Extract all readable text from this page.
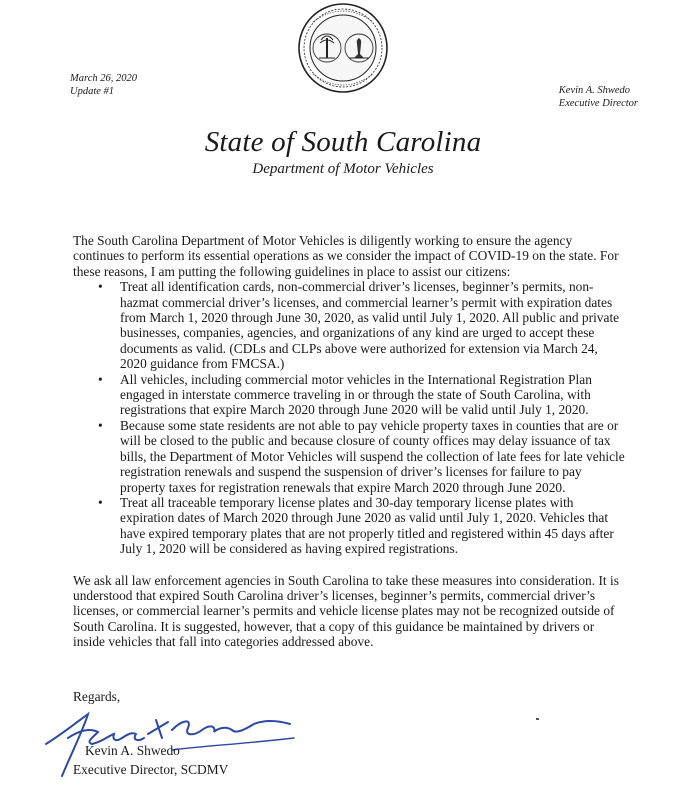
March 26, 2020
Update #1	Kevin A. Shwedo
Executive Director
State of South Carolina
Department of Motor Vehicles

The South Carolina Department of Motor Vehicles is diligently working to ensure the agency continues to perform its essential operations as we consider the impact of COVID-19 on the state. For these reasons, I am putting the following guidelines in place to assist our citizens:

• Treat all identification cards, non-commercial driver’s licenses, beginner’s permits, non-hazmat commercial driver’s licenses, and commercial learner’s permit with expiration dates from March 1, 2020 through June 30, 2020, as valid until July 1, 2020. All public and private businesses, companies, agencies, and organizations of any kind are urged to accept these documents as valid. (CDLs and CLPs above were authorized for extension via March 24, 2020 guidance from FMCSA.)
• All vehicles, including commercial motor vehicles in the International Registration Plan engaged in interstate commerce traveling in or through the state of South Carolina, with registrations that expire March 2020 through June 2020 will be valid until July 1, 2020.
• Because some state residents are not able to pay vehicle property taxes in counties that are or will be closed to the public and because closure of county offices may delay issuance of tax bills, the Department of Motor Vehicles will suspend the collection of late fees for late vehicle registration renewals and suspend the suspension of driver’s licenses for failure to pay property taxes for registration renewals that expire March 2020 through June 2020.
• Treat all traceable temporary license plates and 30-day temporary license plates with expiration dates of March 2020 through June 2020 as valid until July 1, 2020. Vehicles that have expired temporary plates that are not properly titled and registered within 45 days after July 1, 2020 will be considered as having expired registrations.

We ask all law enforcement agencies in South Carolina to take these measures into consideration. It is understood that expired South Carolina driver’s licenses, beginner’s permits, commercial driver’s licenses, or commercial learner’s permits and vehicle license plates may not be recognized outside of South Carolina. It is suggested, however, that a copy of this guidance be maintained by drivers or inside vehicles that fall into categories addressed above.

Regards,
Kevin A. Shwedo
Executive Director, SCDMV
